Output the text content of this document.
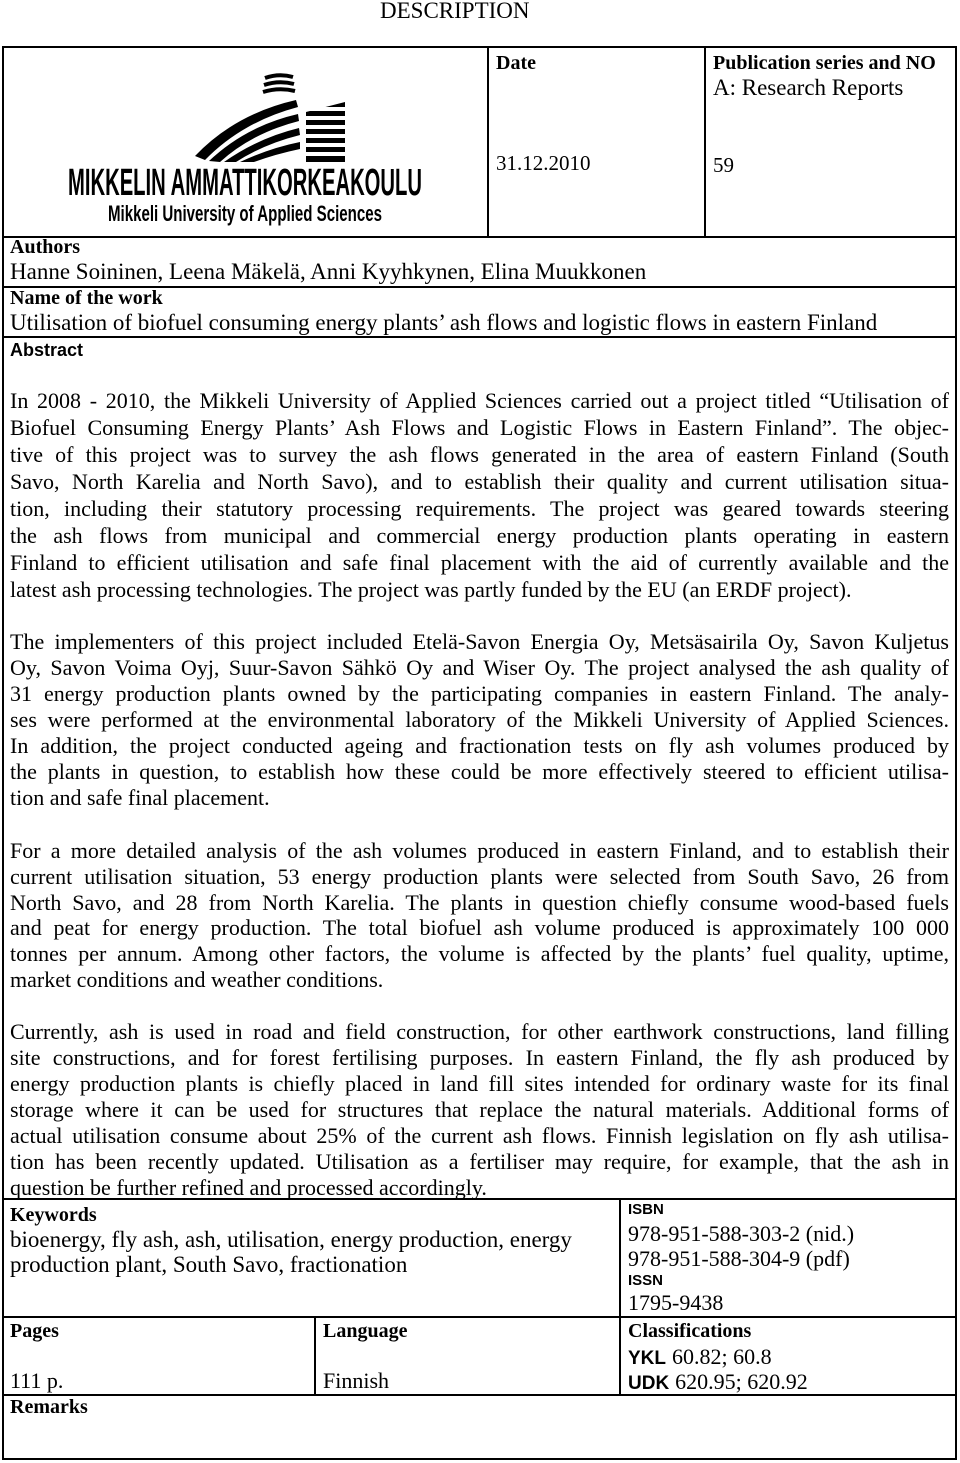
DESCRIPTION
MIKKELIN AMMATTIKORKEAKOULU
Mikkeli University of Applied Sciences
Date
31.12.2010
Publication series and NO
A: Research Reports
59
Authors
Hanne Soininen, Leena Mäkelä, Anni Kyyhkynen, Elina Muukkonen
Name of the work
Utilisation of biofuel consuming energy plants’ ash flows and logistic flows in eastern Finland
Abstract
In 2008 - 2010, the Mikkeli University of Applied Sciences carried out a project titled “Utilisation of
Biofuel Consuming Energy Plants’ Ash Flows and Logistic Flows in Eastern Finland”. The objec-
tive of this project was to survey the ash flows generated in the area of eastern Finland (South
Savo, North Karelia and North Savo), and to establish their quality and current utilisation situa-
tion, including their statutory processing requirements. The project was geared towards steering
the ash flows from municipal and commercial energy production plants operating in eastern
Finland to efficient utilisation and safe final placement with the aid of currently available and the
latest ash processing technologies. The project was partly funded by the EU (an ERDF project).
The implementers of this project included Etelä-Savon Energia Oy, Metsäsairila Oy, Savon Kuljetus
Oy, Savon Voima Oyj, Suur-Savon Sähkö Oy and Wiser Oy. The project analysed the ash quality of
31 energy production plants owned by the participating companies in eastern Finland. The analy-
ses were performed at the environmental laboratory of the Mikkeli University of Applied Sciences.
In addition, the project conducted ageing and fractionation tests on fly ash volumes produced by
the plants in question, to establish how these could be more effectively steered to efficient utilisa-
tion and safe final placement.
For a more detailed analysis of the ash volumes produced in eastern Finland, and to establish their
current utilisation situation, 53 energy production plants were selected from South Savo, 26 from
North Savo, and 28 from North Karelia. The plants in question chiefly consume wood-based fuels
and peat for energy production. The total biofuel ash volume produced is approximately 100 000
tonnes per annum. Among other factors, the volume is affected by the plants’ fuel quality, uptime,
market conditions and weather conditions.
Currently, ash is used in road and field construction, for other earthwork constructions, land filling
site constructions, and for forest fertilising purposes. In eastern Finland, the fly ash produced by
energy production plants is chiefly placed in land fill sites intended for ordinary waste for its final
storage where it can be used for structures that replace the natural materials. Additional forms of
actual utilisation consume about 25% of the current ash flows. Finnish legislation on fly ash utilisa-
tion has been recently updated. Utilisation as a fertiliser may require, for example, that the ash in
question be further refined and processed accordingly.
Keywords
bioenergy, fly ash, ash, utilisation, energy production, energy
production plant, South Savo, fractionation
ISBN
978-951-588-303-2 (nid.)
978-951-588-304-9 (pdf)
ISSN
1795-9438
Pages
111 p.
Language
Finnish
Classifications
YKL 60.82; 60.8
UDK 620.95; 620.92
Remarks
